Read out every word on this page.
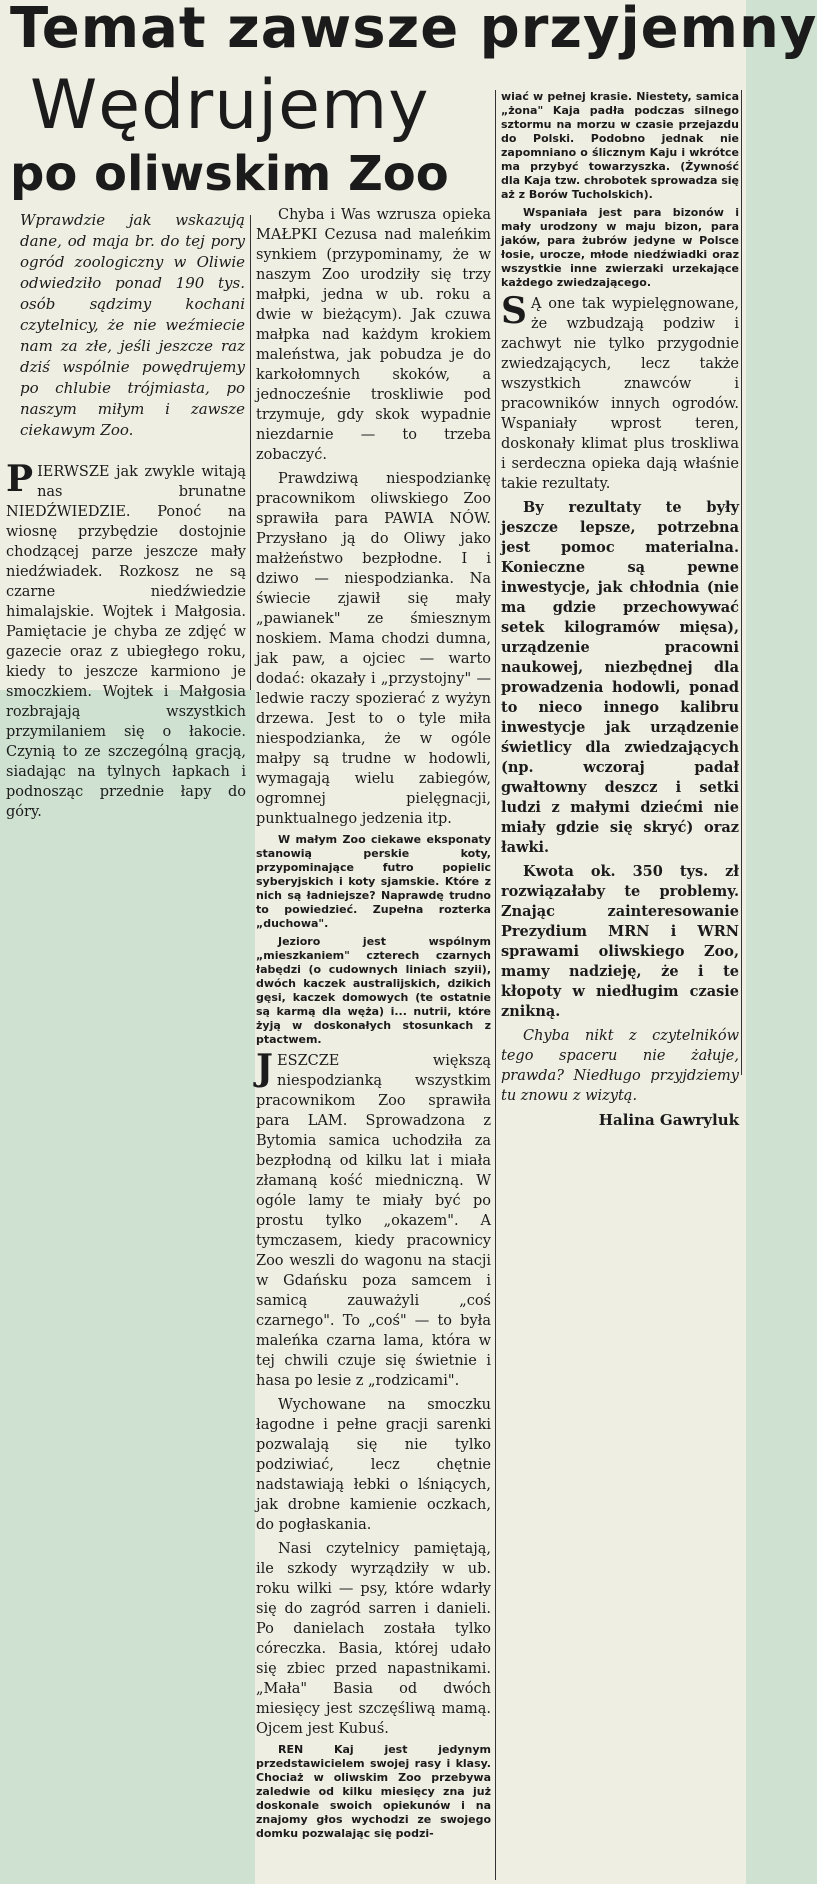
Temat zawsze przyjemny
Wędrujemy
po oliwskim Zoo
Wprawdzie jak wskazują dane, od maja br. do tej pory ogród zoologiczny w Oliwie odwiedziło ponad 190 tys. osób sądzimy kochani czytelnicy, że nie weźmiecie nam za złe, jeśli jeszcze raz dziś wspólnie powędrujemy po chlubie trójmiasta, po naszym miłym i zawsze ciekawym Zoo.

PIERWSZE jak zwykle witają nas brunatne NIEDŹWIEDZIE. Ponoć na wiosnę przybędzie dostojnie chodzącej parze jeszcze mały niedźwiadek. Rozkosz ne są czarne niedźwiedzie himalajskie. Wojtek i Małgosia. Pamiętacie je chyba ze zdjęć w gazecie oraz z ubiegłego roku, kiedy to jeszcze karmiono je smoczkiem. Wojtek i Małgosia rozbrajają wszystkich przymilaniem się o łakocie. Czynią to ze szczególną gracją, siadając na tylnych łapkach i podnosząc przednie łapy do góry.

Chyba i Was wzrusza opieka MAŁPKI Cezusa nad maleńkim synkiem (przypominamy, że w naszym Zoo urodziły się trzy małpki, jedna w ub. roku a dwie w bieżącym). Jak czuwa małpka nad każdym krokiem maleństwa, jak pobudza je do karkołomnych skoków, a jednocześnie troskliwie pod trzymuje, gdy skok wypadnie niezdarnie — to trzeba zobaczyć.

Prawdziwą niespodziankę pracownikom oliwskiego Zoo sprawiła para PAWIA NÓW. Przysłano ją do Oliwy jako małżeństwo bezpłodne. I i dziwo — niespodzianka. Na świecie zjawił się mały „pawianek" ze śmiesznym noskiem. Mama chodzi dumna, jak paw, a ojciec — warto dodać: okazały i „przystojny" — ledwie raczy spozierać z wyżyn drzewa. Jest to o tyle miła niespodzianka, że w ogóle małpy są trudne w hodowli, wymagają wielu zabiegów, ogromnej pielęgnacji, punktualnego jedzenia itp.

W małym Zoo ciekawe eksponaty stanowią perskie koty, przypominające futro popielic syberyjskich i koty sjamskie. Które z nich są ładniejsze? Naprawdę trudno to powiedzieć. Zupełna rozterka „duchowa".

Jezioro jest wspólnym „mieszkaniem" czterech czarnych łabędzi (o cudownych liniach szyii), dwóch kaczek australijskich, dzikich gęsi, kaczek domowych (te ostatnie są karmą dla węża) i... nutrii, które żyją w doskonałych stosunkach z ptactwem.

JESZCZE większą niespodzianką wszystkim pracownikom Zoo sprawiła para LAM. Sprowadzona z Bytomia samica uchodziła za bezpłodną od kilku lat i miała złamaną kość miedniczną. W ogóle lamy te miały być po prostu tylko „okazem". A tymczasem, kiedy pracownicy Zoo weszli do wagonu na stacji w Gdańsku poza samcem i samicą zauważyli „coś czarnego". To „coś" — to była maleńka czarna lama, która w tej chwili czuje się świetnie i hasa po lesie z „rodzicami".

Wychowane na smoczku łagodne i pełne gracji sarenki pozwalają się nie tylko podziwiać, lecz chętnie nadstawiają łebki o lśniących, jak drobne kamienie oczkach, do pogłaskania.

Nasi czytelnicy pamiętają, ile szkody wyrządziły w ub. roku wilki — psy, które wdarły się do zagród sarren i danieli. Po danielach została tylko córeczka. Basia, której udało się zbiec przed napastnikami. „Mała" Basia od dwóch miesięcy jest szczęśliwą mamą. Ojcem jest Kubuś.

REN Kaj jest jedynym przedstawicielem swojej rasy i klasy. Chociaż w oliwskim Zoo przebywa zaledwie od kilku miesięcy zna już doskonale swoich opiekunów i na znajomy głos wychodzi ze swojego domku pozwalając się podzi-

wiać w pełnej krasie. Niestety, samica „żona" Kaja padła podczas silnego sztormu na morzu w czasie przejazdu do Polski. Podobno jednak nie zapomniano o ślicznym Kaju i wkrótce ma przybyć towarzyszka. (Żywność dla Kaja tzw. chrobotek sprowadza się aż z Borów Tucholskich).

Wspaniała jest para bizonów i mały urodzony w maju bizon, para jaków, para żubrów jedyne w Polsce łosie, urocze, młode niedźwiadki oraz wszystkie inne zwierzaki urzekające każdego zwiedzającego.

S Ą one tak wypielęgnowane, że wzbudzają podziw i zachwyt nie tylko przygodnie zwiedzających, lecz także wszystkich znawców i pracowników innych ogrodów. Wspaniały wprost teren, doskonały klimat plus troskliwa i serdeczna opieka dają właśnie takie rezultaty.

By rezultaty te były jeszcze lepsze, potrzebna jest pomoc materialna. Konieczne są pewne inwestycje, jak chłodnia (nie ma gdzie przechowywać setek kilogramów mięsa), urządzenie pracowni naukowej, niezbędnej dla prowadzenia hodowli, ponad to nieco innego kalibru inwestycje jak urządzenie świetlicy dla zwiedzających (np. wczoraj padał gwałtowny deszcz i setki ludzi z małymi dziećmi nie miały gdzie się skryć) oraz ławki.

Kwota ok. 350 tys. zł rozwiązałaby te problemy. Znając zainteresowanie Prezydium MRN i WRN sprawami oliwskiego Zoo, mamy nadzieję, że i te kłopoty w niedługim czasie znikną.

Chyba nikt z czytelników tego spaceru nie żałuje, prawda? Niedługo przyjdziemy tu znowu z wizytą.

Halina Gawryluk
